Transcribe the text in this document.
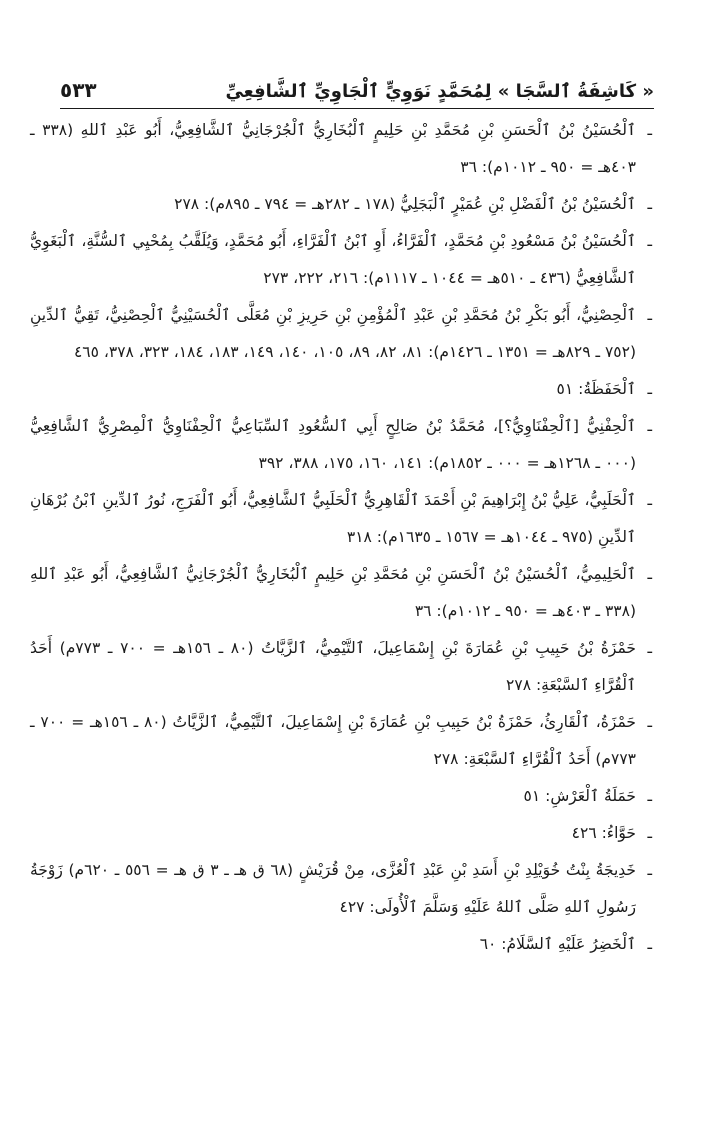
« كَاشِفَةُ ٱلسَّجَا » لِمُحَمَّدٍ نَوَوِيٍّ ٱلْجَاوِيِّ ٱلشَّافِعِيِّ
٥٣٣
ـ
ٱلْحُسَيْنُ بْنُ ٱلْحَسَنِ بْنِ مُحَمَّدِ بْنِ حَلِيمٍ ٱلْبُخَارِيُّ ٱلْجُرْجَانِيُّ ٱلشَّافِعِيُّ، أَبُو عَبْدِ ٱللهِ (٣٣٨ ـ ٤٠٣هـ = ٩٥٠ ـ ١٠١٢م): ٣٦
ـ
ٱلْحُسَيْنُ بْنُ ٱلْفَضْلِ بْنِ عُمَيْرٍ ٱلْبَجَلِيُّ (١٧٨ ـ ٢٨٢هـ = ٧٩٤ ـ ٨٩٥م): ٢٧٨
ـ
ٱلْحُسَيْنُ بْنُ مَسْعُودِ بْنِ مُحَمَّدٍ، ٱلْفَرَّاءُ، أَوِ ٱبْنُ ٱلْفَرَّاءِ، أَبُو مُحَمَّدٍ، وَيُلَقَّبُ بِمُحْيِي ٱلسُّنَّةِ، ٱلْبَغَوِيُّ ٱلشَّافِعِيُّ (٤٣٦ ـ ٥١٠هـ = ١٠٤٤ ـ ١١١٧م): ٢١٦، ٢٢٢، ٢٧٣
ـ
ٱلْحِصْنِيُّ، أَبُو بَكْرِ بْنُ مُحَمَّدِ بْنِ عَبْدِ ٱلْمُؤْمِنِ بْنِ حَرِيزِ بْنِ مُعَلَّى ٱلْحُسَيْنِيُّ ٱلْحِصْنِيُّ، تَقِيُّ ٱلدِّينِ (٧٥٢ ـ ٨٢٩هـ = ١٣٥١ ـ ١٤٢٦م): ٨١، ٨٢، ٨٩، ١٠٥، ١٤٠، ١٤٩، ١٨٣، ١٨٤، ٣٢٣، ٣٧٨، ٤٦٥
ـ
ٱلْحَفَظَةُ: ٥١
ـ
ٱلْحِفْنِيُّ [ٱلْحِفْنَاوِيُّ؟]، مُحَمَّدُ بْنُ صَالِحٍ أَبِي ٱلسُّعُودِ ٱلسِّبَاعِيُّ ٱلْحِفْنَاوِيُّ ٱلْمِصْرِيُّ ٱلشَّافِعِيُّ (٠٠٠ ـ ١٢٦٨هـ = ٠٠٠ ـ ١٨٥٢م): ١٤١، ١٦٠، ١٧٥، ٣٨٨، ٣٩٢
ـ
ٱلْحَلَبِيُّ، عَلِيُّ بْنُ إِبْرَاهِيمَ بْنِ أَحْمَدَ ٱلْقَاهِرِيُّ ٱلْحَلَبِيُّ ٱلشَّافِعِيُّ، أَبُو ٱلْفَرَجِ، نُورُ ٱلدِّينِ ٱبْنُ بُرْهَانِ ٱلدِّينِ (٩٧٥ ـ ١٠٤٤هـ = ١٥٦٧ ـ ١٦٣٥م): ٣١٨
ـ
ٱلْحَلِيمِيُّ، ٱلْحُسَيْنُ بْنُ ٱلْحَسَنِ بْنِ مُحَمَّدِ بْنِ حَلِيمٍ ٱلْبُخَارِيُّ ٱلْجُرْجَانِيُّ ٱلشَّافِعِيُّ، أَبُو عَبْدِ ٱللهِ (٣٣٨ ـ ٤٠٣هـ = ٩٥٠ ـ ١٠١٢م): ٣٦
ـ
حَمْزَةُ بْنُ حَبِيبِ بْنِ عُمَارَةَ بْنِ إِسْمَاعِيلَ، ٱلتَّيْمِيُّ، ٱلزَّيَّاتُ (٨٠ ـ ١٥٦هـ = ٧٠٠ ـ ٧٧٣م) أَحَدُ ٱلْقُرَّاءِ ٱلسَّبْعَةِ: ٢٧٨
ـ
حَمْزَةُ، ٱلْقَارِئُ، حَمْزَةُ بْنُ حَبِيبِ بْنِ عُمَارَةَ بْنِ إِسْمَاعِيلَ، ٱلتَّيْمِيُّ، ٱلزَّيَّاتُ (٨٠ ـ ١٥٦هـ = ٧٠٠ ـ ٧٧٣م) أَحَدُ ٱلْقُرَّاءِ ٱلسَّبْعَةِ: ٢٧٨
ـ
حَمَلَةُ ٱلْعَرْشِ: ٥١
ـ
حَوَّاءُ: ٤٢٦
ـ
خَدِيجَةُ بِنْتُ خُوَيْلِدِ بْنِ أَسَدِ بْنِ عَبْدِ ٱلْعُزَّى، مِنْ قُرَيْشٍ (٦٨ ق هـ ـ ٣ ق هـ = ٥٥٦ ـ ٦٢٠م) زَوْجَةُ رَسُولِ ٱللهِ صَلَّى ٱللهُ عَلَيْهِ وَسَلَّمَ ٱلْأُولَى: ٤٢٧
ـ
ٱلْخَضِرُ عَلَيْهِ ٱلسَّلَامُ: ٦٠
